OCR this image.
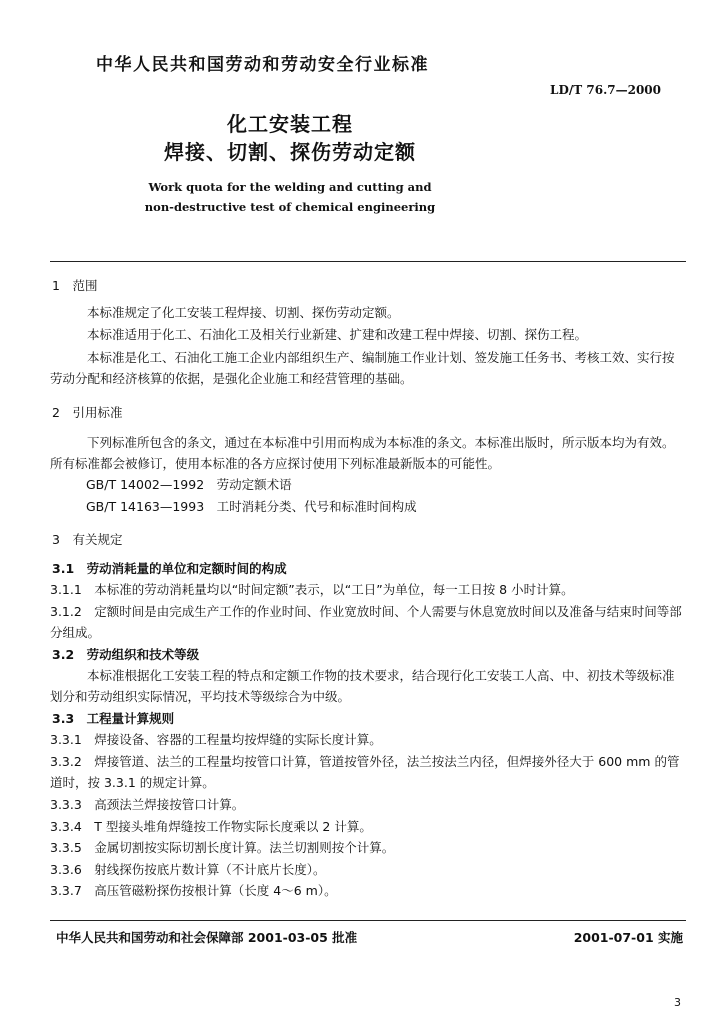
中华人民共和国劳动和劳动安全行业标准
LD/T 76.7—2000
化工安装工程
焊接、切割、探伤劳动定额
Work quota for the welding and cutting and
non-destructive test of chemical engineering
1　范围
本标准规定了化工安装工程焊接、切割、探伤劳动定额。
本标准适用于化工、石油化工及相关行业新建、扩建和改建工程中焊接、切割、探伤工程。
本标准是化工、石油化工施工企业内部组织生产、编制施工作业计划、签发施工任务书、考核工效、实行按劳动分配和经济核算的依据，是强化企业施工和经营管理的基础。
2　引用标准
下列标准所包含的条文，通过在本标准中引用而构成为本标准的条文。本标准出版时，所示版本均为有效。所有标准都会被修订，使用本标准的各方应探讨使用下列标准最新版本的可能性。
GB/T 14002—1992　劳动定额术语
GB/T 14163—1993　工时消耗分类、代号和标准时间构成
3　有关规定
3.1　劳动消耗量的单位和定额时间的构成
3.1.1　本标准的劳动消耗量均以“时间定额”表示，以“工日”为单位，每一工日按 8 小时计算。
3.1.2　定额时间是由完成生产工作的作业时间、作业宽放时间、个人需要与休息宽放时间以及准备与结束时间等部分组成。
3.2　劳动组织和技术等级
本标准根据化工安装工程的特点和定额工作物的技术要求，结合现行化工安装工人高、中、初技术等级标准划分和劳动组织实际情况，平均技术等级综合为中级。
3.3　工程量计算规则
3.3.1　焊接设备、容器的工程量均按焊缝的实际长度计算。
3.3.2　焊接管道、法兰的工程量均按管口计算，管道按管外径，法兰按法兰内径，但焊接外径大于 600 mm 的管道时，按 3.3.1 的规定计算。
3.3.3　高颈法兰焊接按管口计算。
3.3.4　T 型接头堆角焊缝按工作物实际长度乘以 2 计算。
3.3.5　金属切割按实际切割长度计算。法兰切割则按个计算。
3.3.6　射线探伤按底片数计算（不计底片长度）。
3.3.7　高压管磁粉探伤按根计算（长度 4～6 m）。
中华人民共和国劳动和社会保障部 2001-03-05 批准	2001-07-01 实施
3
